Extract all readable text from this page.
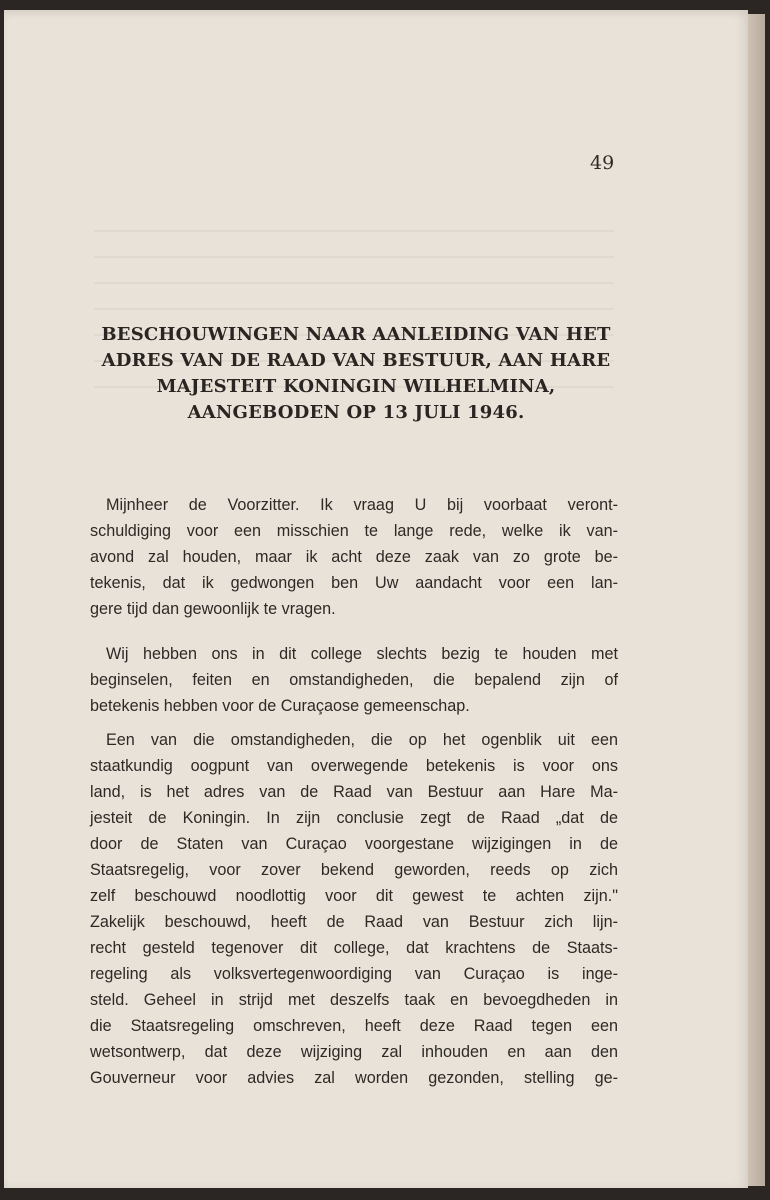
49
BESCHOUWINGEN NAAR AANLEIDING VAN HET
ADRES VAN DE RAAD VAN BESTUUR, AAN HARE
MAJESTEIT KONINGIN WILHELMINA,
AANGEBODEN OP 13 JULI 1946.

Mijnheer de Voorzitter. Ik vraag U bij voorbaat veront-

schuldiging voor een misschien te lange rede, welke ik van-

avond zal houden, maar ik acht deze zaak van zo grote be-

tekenis, dat ik gedwongen ben Uw aandacht voor een lan-

gere tijd dan gewoonlijk te vragen.

Wij hebben ons in dit college slechts bezig te houden met

beginselen, feiten en omstandigheden, die bepalend zijn of

betekenis hebben voor de Curaçaose gemeenschap.

Een van die omstandigheden, die op het ogenblik uit een

staatkundig oogpunt van overwegende betekenis is voor ons

land, is het adres van de Raad van Bestuur aan Hare Ma-

jesteit de Koningin. In zijn conclusie zegt de Raad „dat de

door de Staten van Curaçao voorgestane wijzigingen in de

Staatsregelig, voor zover bekend geworden, reeds op zich

zelf beschouwd noodlottig voor dit gewest te achten zijn."

Zakelijk beschouwd, heeft de Raad van Bestuur zich lijn-

recht gesteld tegenover dit college, dat krachtens de Staats-

regeling als volksvertegenwoordiging van Curaçao is inge-

steld. Geheel in strijd met deszelfs taak en bevoegdheden in

die Staatsregeling omschreven, heeft deze Raad tegen een

wetsontwerp, dat deze wijziging zal inhouden en aan den

Gouverneur voor advies zal worden gezonden, stelling ge-
